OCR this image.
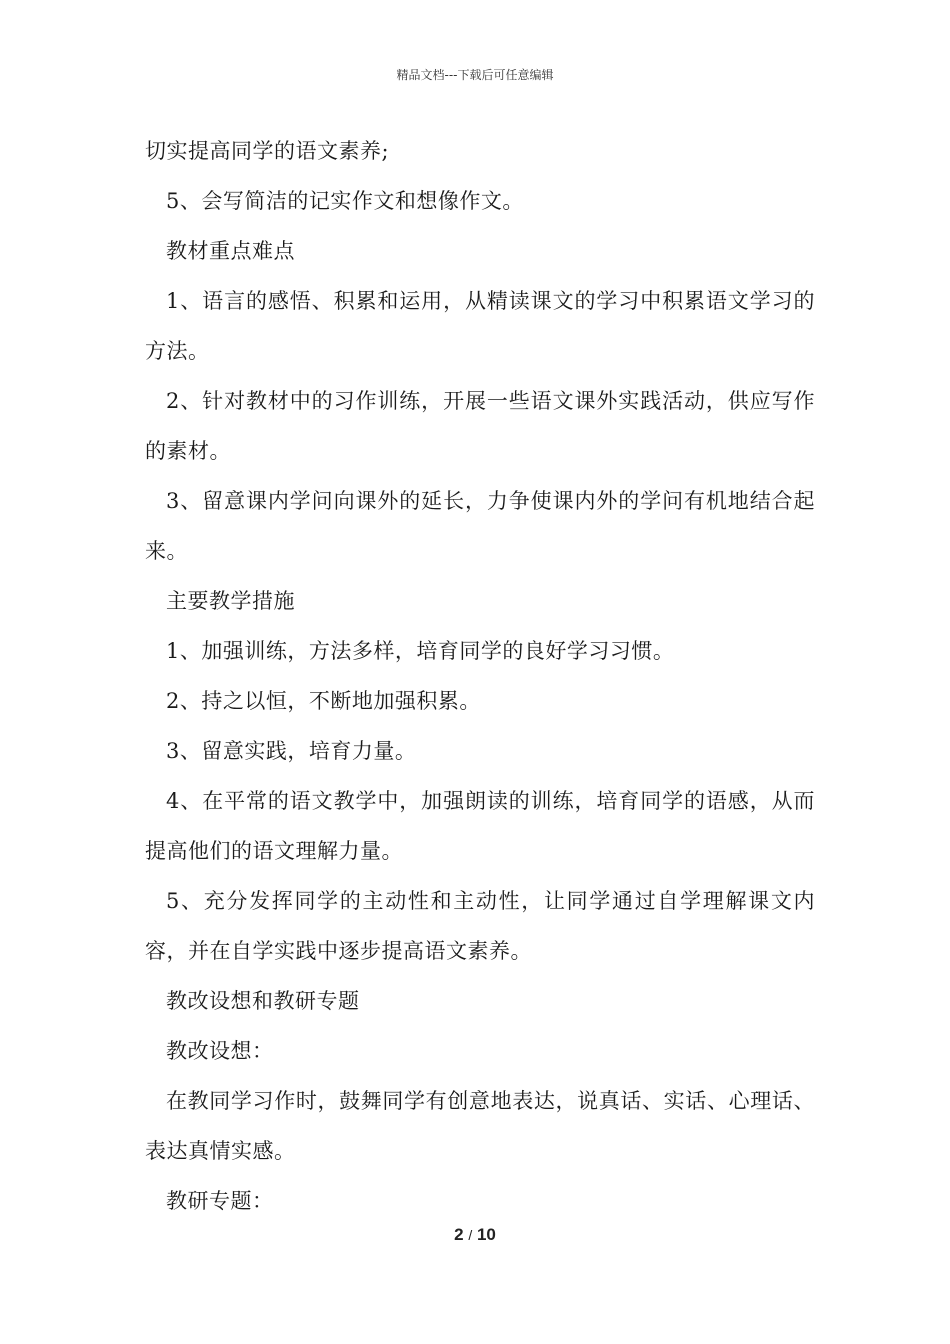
精品文档---下载后可任意编辑

切实提高同学的语文素养;

5、会写简洁的记实作文和想像作文。

教材重点难点

1、语言的感悟、积累和运用，从精读课文的学习中积累语文学习的方法。

2、针对教材中的习作训练，开展一些语文课外实践活动，供应写作的素材。

3、留意课内学问向课外的延长，力争使课内外的学问有机地结合起来。

主要教学措施

1、加强训练，方法多样，培育同学的良好学习习惯。

2、持之以恒，不断地加强积累。

3、留意实践，培育力量。

4、在平常的语文教学中，加强朗读的训练，培育同学的语感，从而提高他们的语文理解力量。

5、充分发挥同学的主动性和主动性，让同学通过自学理解课文内容，并在自学实践中逐步提高语文素养。

教改设想和教研专题

教改设想：

在教同学习作时，鼓舞同学有创意地表达，说真话、实话、心理话、表达真情实感。

教研专题：

2 / 10
